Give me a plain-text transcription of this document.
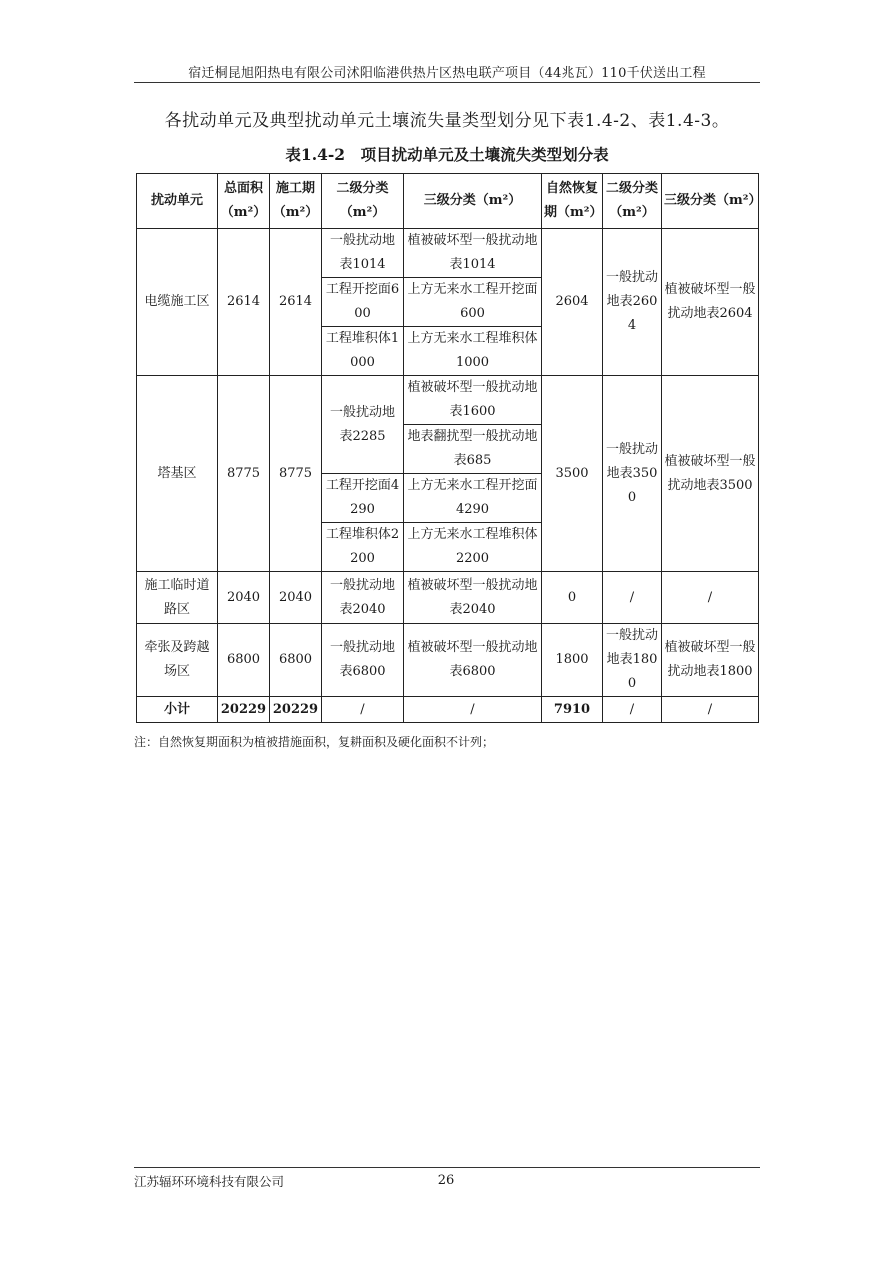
宿迁桐昆旭阳热电有限公司沭阳临港供热片区热电联产项目（44兆瓦）110千伏送出工程
各扰动单元及典型扰动单元土壤流失量类型划分见下表1.4-2、表1.4-3。
表1.4-2　项目扰动单元及土壤流失类型划分表
扰动单元	总面积（m²）	施工期（m²）	二级分类（m²）	三级分类（m²）	自然恢复期（m²）	二级分类（m²）	三级分类（m²）
电缆施工区	2614	2614	一般扰动地表1014	植被破坏型一般扰动地表1014	2604	一般扰动地表2604	植被破坏型一般扰动地表2604
			工程开挖面600	上方无来水工程开挖面600			
			工程堆积体1000	上方无来水工程堆积体1000			
塔基区	8775	8775	一般扰动地表2285	植被破坏型一般扰动地表1600	3500	一般扰动地表3500	植被破坏型一般扰动地表3500
				地表翻扰型一般扰动地表685			
			工程开挖面4290	上方无来水工程开挖面4290			
			工程堆积体2200	上方无来水工程堆积体2200			
施工临时道路区	2040	2040	一般扰动地表2040	植被破坏型一般扰动地表2040	0	/	/
牵张及跨越场区	6800	6800	一般扰动地表6800	植被破坏型一般扰动地表6800	1800	一般扰动地表1800	植被破坏型一般扰动地表1800
小计	20229	20229	/	/	7910	/	/
注：自然恢复期面积为植被措施面积，复耕面积及硬化面积不计列；
江苏辐环环境科技有限公司	26
